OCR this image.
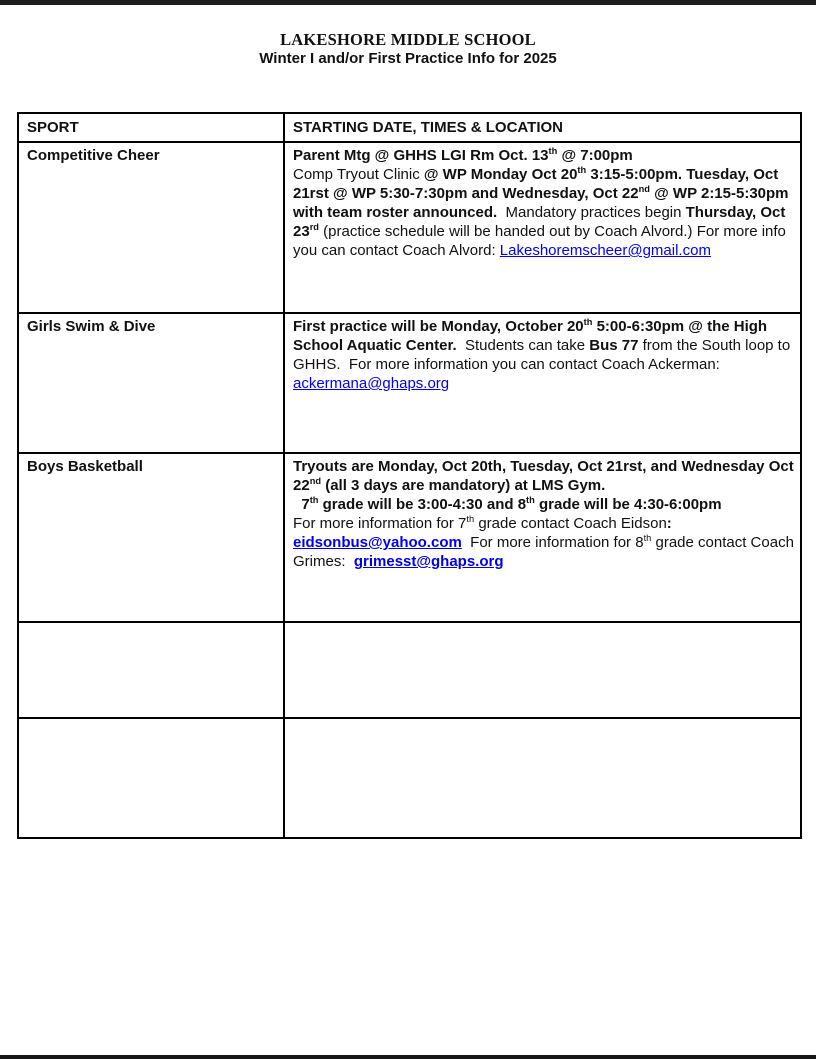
LAKESHORE MIDDLE SCHOOL
Winter I and/or First Practice Info for 2025
SPORT	STARTING DATE, TIMES & LOCATION
Competitive Cheer	Parent Mtg @ GHHS LGI Rm Oct. 13th @ 7:00pm
Comp Tryout Clinic @ WP Monday Oct 20th 3:15-5:00pm. Tuesday, Oct 21rst @ WP 5:30-7:30pm and Wednesday, Oct 22nd @ WP 2:15-5:30pm with team roster announced.  Mandatory practices begin Thursday, Oct 23rd (practice schedule will be handed out by Coach Alvord.) For more info you can contact Coach Alvord: Lakeshoremscheer@gmail.com
Girls Swim & Dive	First practice will be Monday, October 20th 5:00-6:30pm @ the High School Aquatic Center.  Students can take Bus 77 from the South loop to GHHS.  For more information you can contact Coach Ackerman: ackermana@ghaps.org
Boys Basketball	Tryouts are Monday, Oct 20th, Tuesday, Oct 21rst, and Wednesday Oct 22nd (all 3 days are mandatory) at LMS Gym.
7th grade will be 3:00-4:30 and 8th grade will be 4:30-6:00pm
For more information for 7th grade contact Coach Eidson: eidsonbus@yahoo.com  For more information for 8th grade contact Coach Grimes:  grimesst@ghaps.org
